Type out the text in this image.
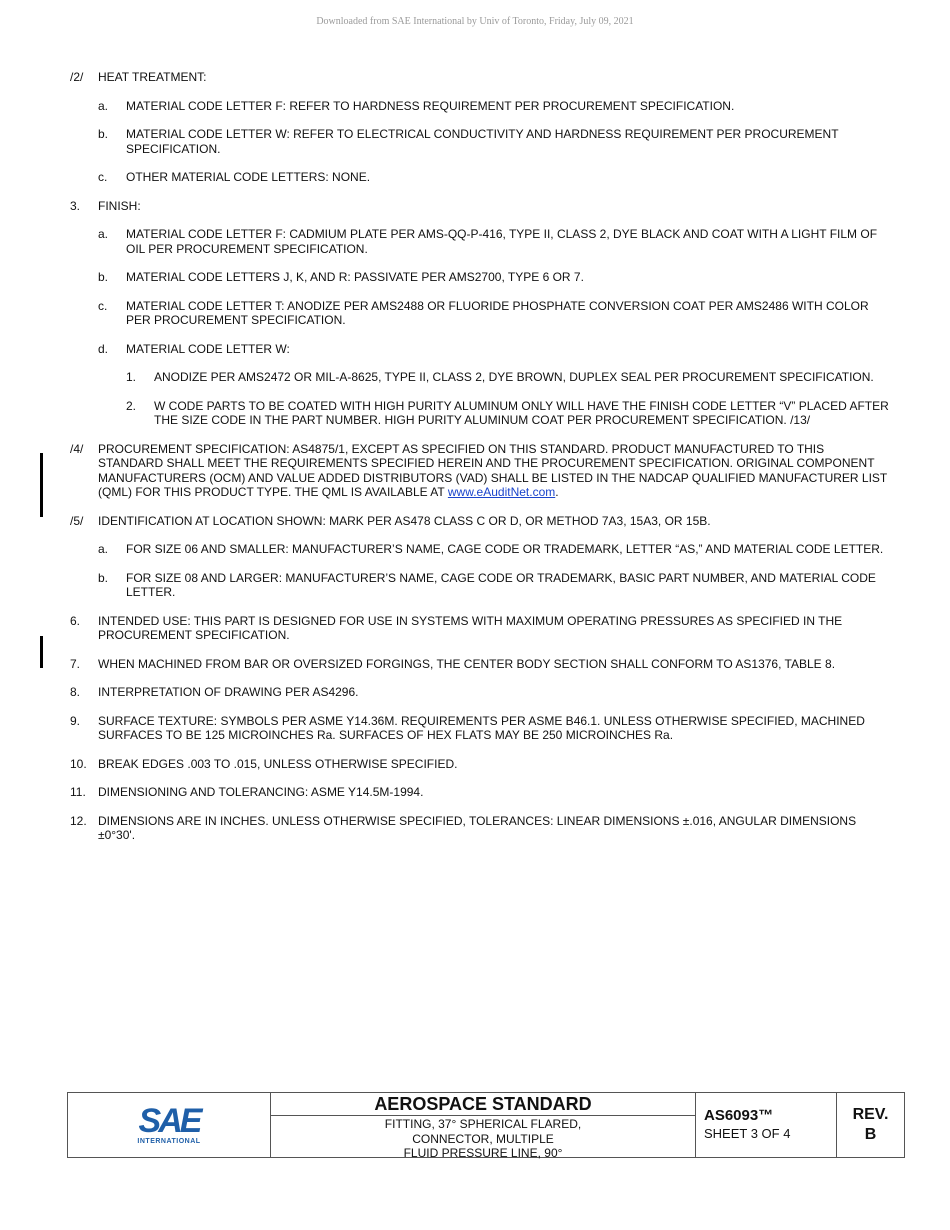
Downloaded from SAE International by Univ of Toronto, Friday, July 09, 2021
/2/ HEAT TREATMENT:
a. MATERIAL CODE LETTER F: REFER TO HARDNESS REQUIREMENT PER PROCUREMENT SPECIFICATION.
b. MATERIAL CODE LETTER W: REFER TO ELECTRICAL CONDUCTIVITY AND HARDNESS REQUIREMENT PER PROCUREMENT SPECIFICATION.
c. OTHER MATERIAL CODE LETTERS: NONE.
3. FINISH:
a. MATERIAL CODE LETTER F: CADMIUM PLATE PER AMS-QQ-P-416, TYPE II, CLASS 2, DYE BLACK AND COAT WITH A LIGHT FILM OF OIL PER PROCUREMENT SPECIFICATION.
b. MATERIAL CODE LETTERS J, K, AND R: PASSIVATE PER AMS2700, TYPE 6 OR 7.
c. MATERIAL CODE LETTER T: ANODIZE PER AMS2488 OR FLUORIDE PHOSPHATE CONVERSION COAT PER AMS2486 WITH COLOR PER PROCUREMENT SPECIFICATION.
d. MATERIAL CODE LETTER W:
1. ANODIZE PER AMS2472 OR MIL-A-8625, TYPE II, CLASS 2, DYE BROWN, DUPLEX SEAL PER PROCUREMENT SPECIFICATION.
2. W CODE PARTS TO BE COATED WITH HIGH PURITY ALUMINUM ONLY WILL HAVE THE FINISH CODE LETTER “V” PLACED AFTER THE SIZE CODE IN THE PART NUMBER. HIGH PURITY ALUMINUM COAT PER PROCUREMENT SPECIFICATION. /13/
/4/ PROCUREMENT SPECIFICATION: AS4875/1, EXCEPT AS SPECIFIED ON THIS STANDARD. PRODUCT MANUFACTURED TO THIS STANDARD SHALL MEET THE REQUIREMENTS SPECIFIED HEREIN AND THE PROCUREMENT SPECIFICATION. ORIGINAL COMPONENT MANUFACTURERS (OCM) AND VALUE ADDED DISTRIBUTORS (VAD) SHALL BE LISTED IN THE NADCAP QUALIFIED MANUFACTURER LIST (QML) FOR THIS PRODUCT TYPE. THE QML IS AVAILABLE AT www.eAuditNet.com.
/5/ IDENTIFICATION AT LOCATION SHOWN: MARK PER AS478 CLASS C OR D, OR METHOD 7A3, 15A3, OR 15B.
a. FOR SIZE 06 AND SMALLER: MANUFACTURER’S NAME, CAGE CODE OR TRADEMARK, LETTER “AS,” AND MATERIAL CODE LETTER.
b. FOR SIZE 08 AND LARGER: MANUFACTURER’S NAME, CAGE CODE OR TRADEMARK, BASIC PART NUMBER, AND MATERIAL CODE LETTER.
6. INTENDED USE: THIS PART IS DESIGNED FOR USE IN SYSTEMS WITH MAXIMUM OPERATING PRESSURES AS SPECIFIED IN THE PROCUREMENT SPECIFICATION.
7. WHEN MACHINED FROM BAR OR OVERSIZED FORGINGS, THE CENTER BODY SECTION SHALL CONFORM TO AS1376, TABLE 8.
8. INTERPRETATION OF DRAWING PER AS4296.
9. SURFACE TEXTURE: SYMBOLS PER ASME Y14.36M. REQUIREMENTS PER ASME B46.1. UNLESS OTHERWISE SPECIFIED, MACHINED SURFACES TO BE 125 MICROINCHES Ra. SURFACES OF HEX FLATS MAY BE 250 MICROINCHES Ra.
10. BREAK EDGES .003 TO .015, UNLESS OTHERWISE SPECIFIED.
11. DIMENSIONING AND TOLERANCING: ASME Y14.5M-1994.
12. DIMENSIONS ARE IN INCHES. UNLESS OTHERWISE SPECIFIED, TOLERANCES: LINEAR DIMENSIONS ±.016, ANGULAR DIMENSIONS ±0°30'.
SAE
INTERNATIONAL
AEROSPACE STANDARD
FITTING, 37° SPHERICAL FLARED,
CONNECTOR, MULTIPLE
FLUID PRESSURE LINE, 90°
AS6093™
SHEET 3 OF 4
REV.
B
